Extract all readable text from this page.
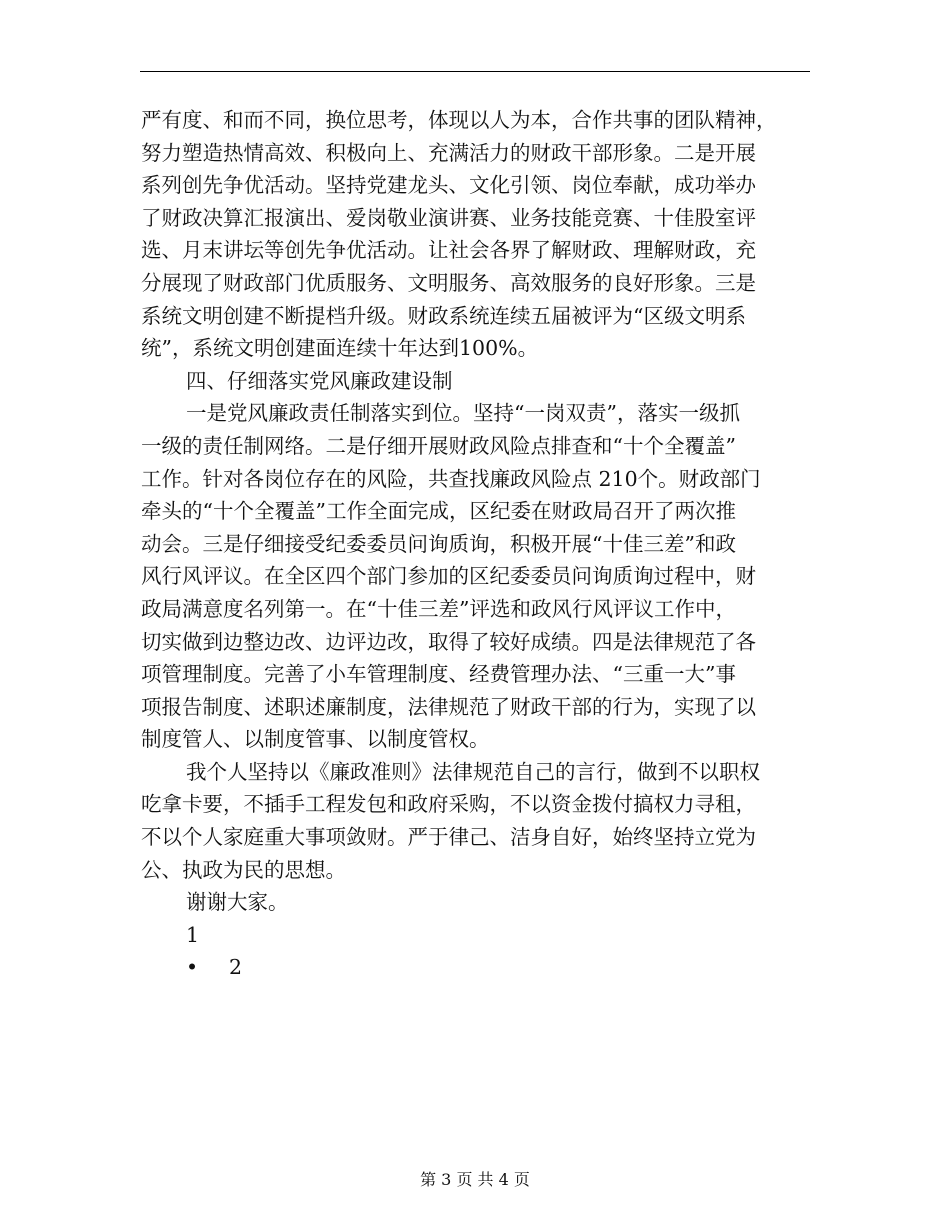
严有度、和而不同，换位思考，体现以人为本，合作共事的团队精神，
努力塑造热情高效、积极向上、充满活力的财政干部形象。二是开展
系列创先争优活动。坚持党建龙头、文化引领、岗位奉献，成功举办
了财政决算汇报演出、爱岗敬业演讲赛、业务技能竞赛、十佳股室评
选、月末讲坛等创先争优活动。让社会各界了解财政、理解财政，充
分展现了财政部门优质服务、文明服务、高效服务的良好形象。三是
系统文明创建不断提档升级。财政系统连续五届被评为“区级文明系
统”，系统文明创建面连续十年达到100%。
四、仔细落实党风廉政建设制
一是党风廉政责任制落实到位。坚持“一岗双责”，落实一级抓
一级的责任制网络。二是仔细开展财政风险点排查和“十个全覆盖”
工作。针对各岗位存在的风险，共查找廉政风险点 210个。财政部门
牵头的“十个全覆盖”工作全面完成，区纪委在财政局召开了两次推
动会。三是仔细接受纪委委员问询质询，积极开展“十佳三差”和政
风行风评议。在全区四个部门参加的区纪委委员问询质询过程中，财
政局满意度名列第一。在“十佳三差”评选和政风行风评议工作中，
切实做到边整边改、边评边改，取得了较好成绩。四是法律规范了各
项管理制度。完善了小车管理制度、经费管理办法、“三重一大”事
项报告制度、述职述廉制度，法律规范了财政干部的行为，实现了以
制度管人、以制度管事、以制度管权。
我个人坚持以《廉政准则》法律规范自己的言行，做到不以职权
吃拿卡要，不插手工程发包和政府采购，不以资金拨付搞权力寻租，
不以个人家庭重大事项敛财。严于律己、洁身自好，始终坚持立党为
公、执政为民的思想。
谢谢大家。
1
• 2
第 3 页 共 4 页
